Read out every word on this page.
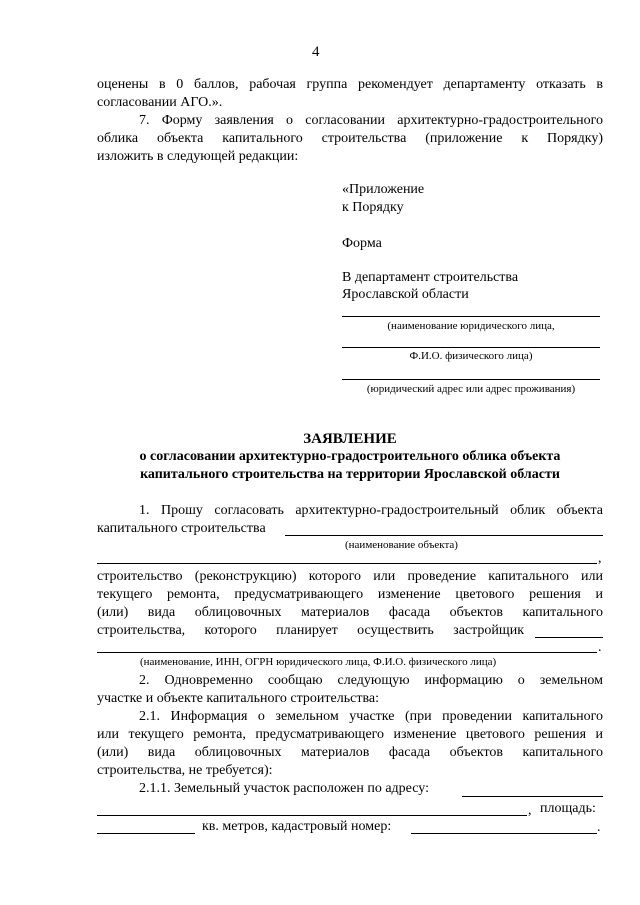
4
оценены в 0 баллов, рабочая группа рекомендует департаменту отказать в
согласовании АГО.».
7. Форму заявления о согласовании архитектурно-градостроительного
облика объекта капитального строительства (приложение к Порядку)
изложить в следующей редакции:
«Приложение
к Порядку
Форма
В департамент строительства
Ярославской области
(наименование юридического лица,
Ф.И.О. физического лица)
(юридический адрес или адрес проживания)
ЗАЯВЛЕНИЕ
о согласовании архитектурно-градостроительного облика объекта
капитального строительства на территории Ярославской области
1. Прошу согласовать архитектурно-градостроительный облик объекта
капитального строительства
(наименование объекта)
,
строительство (реконструкцию) которого или проведение капитального или
текущего ремонта, предусматривающего изменение цветового решения и
(или) вида облицовочных материалов фасада объектов капитального
строительства, которого планирует осуществить застройщик
.
(наименование, ИНН, ОГРН юридического лица, Ф.И.О. физического лица)
2. Одновременно сообщаю следующую информацию о земельном
участке и объекте капитального строительства:
2.1. Информация о земельном участке (при проведении капитального
или текущего ремонта, предусматривающего изменение цветового решения и
(или) вида облицовочных материалов фасада объектов капитального
строительства, не требуется):
2.1.1. Земельный участок расположен по адресу:
, площадь:
кв. метров, кадастровый номер:	.
